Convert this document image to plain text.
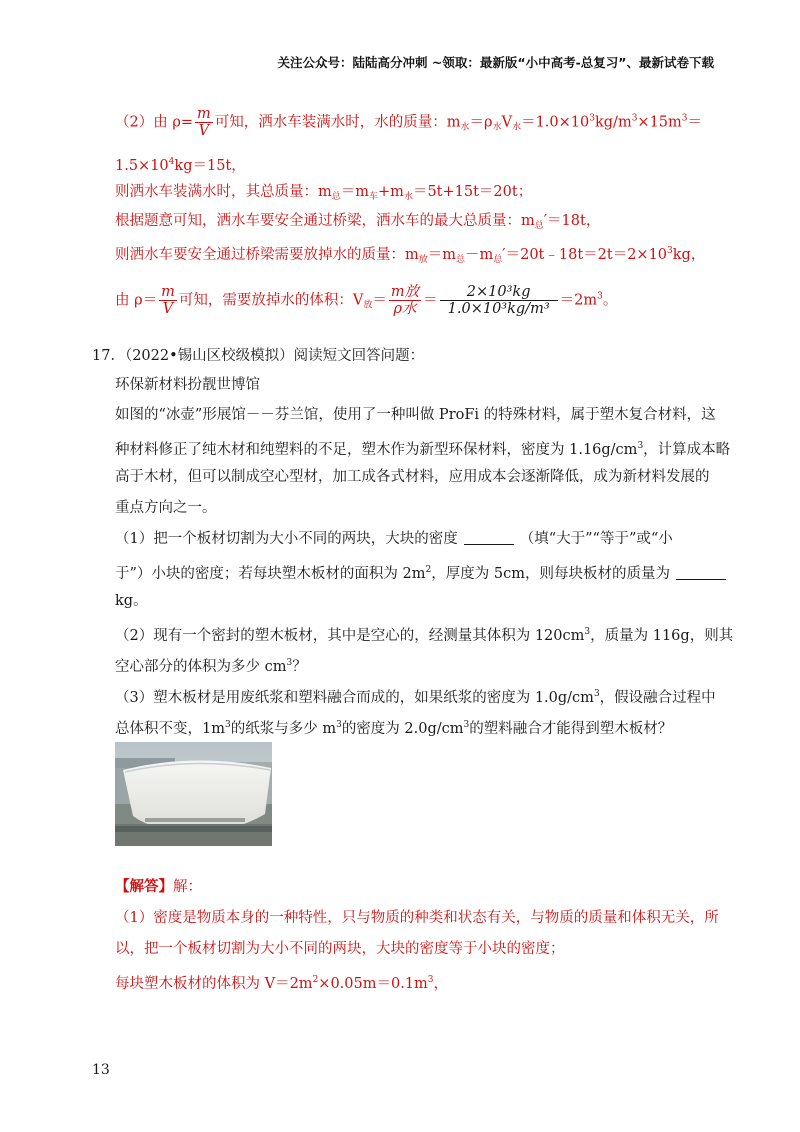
关注公众号：陆陆高分冲刺 ~领取：最新版“小中高考-总复习”、最新试卷下载
（2）由 $\rho= \frac{m}{V}$ 可知，洒水车装满水时，水的质量：$m_水=\rho_水V_水=1.0\times 10^3kg/m^3\times 15m^3=$
$1.5\times 10^4kg=15t$，
则洒水车装满水时，其总质量：$m_总=m_车+m_水=5t+15t=20t$；
根据题意可知，洒水车要安全通过桥梁，洒水车的最大总质量：$m_总'=18t$，
则洒水车要安全通过桥梁需要放掉水的质量：$m_放=m_总-m_总'=20t﹣18t=2t=2\times 10^3kg$，
由 $\rho= \frac{m}{V}$ 可知，需要放掉水的体积：$V_放= \frac{\text{m放}}{\text{ρ水}} = \frac{\text{2×10³kg}}{\text{1.0×10³kg/m³}} =2m^3$。
17．（2022•锡山区校级模拟）阅读短文回答问题：
环保新材料扮靓世博馆
如图的“冰壶”形展馆－－芬兰馆，使用了一种叫做 ProFi 的特殊材料，属于塑木复合材料，这
种材料修正了纯木材和纯塑料的不足，塑木作为新型环保材料，密度为 $1.16g/cm^3$，计算成本略
高于木材，但可以制成空心型材，加工成各式材料，应用成本会逐渐降低，成为新材料发展的
重点方向之一。
（1）把一个板材切割为大小不同的两块，大块的密度	（填“大于”“等于”或“小
于”）小块的密度；若每块塑木板材的面积为 $2m^2$，厚度为 5cm，则每块板材的质量为
kg。
（2）现有一个密封的塑木板材，其中是空心的，经测量其体积为 $120cm^3$，质量为 116g，则其
空心部分的体积为多少 $cm^3$？
（3）塑木板材是用废纸浆和塑料融合而成的，如果纸浆的密度为 $1.0g/cm^3$，假设融合过程中
总体积不变，$1m^3$的纸浆与多少 $m^3$的密度为 $2.0g/cm^3$的塑料融合才能得到塑木板材？
【解答】解：
（1）密度是物质本身的一种特性，只与物质的种类和状态有关，与物质的质量和体积无关，所
以，把一个板材切割为大小不同的两块，大块的密度等于小块的密度；
每块塑木板材的体积为 $V=2m^2\times 0.05m=0.1m^3$，
13
